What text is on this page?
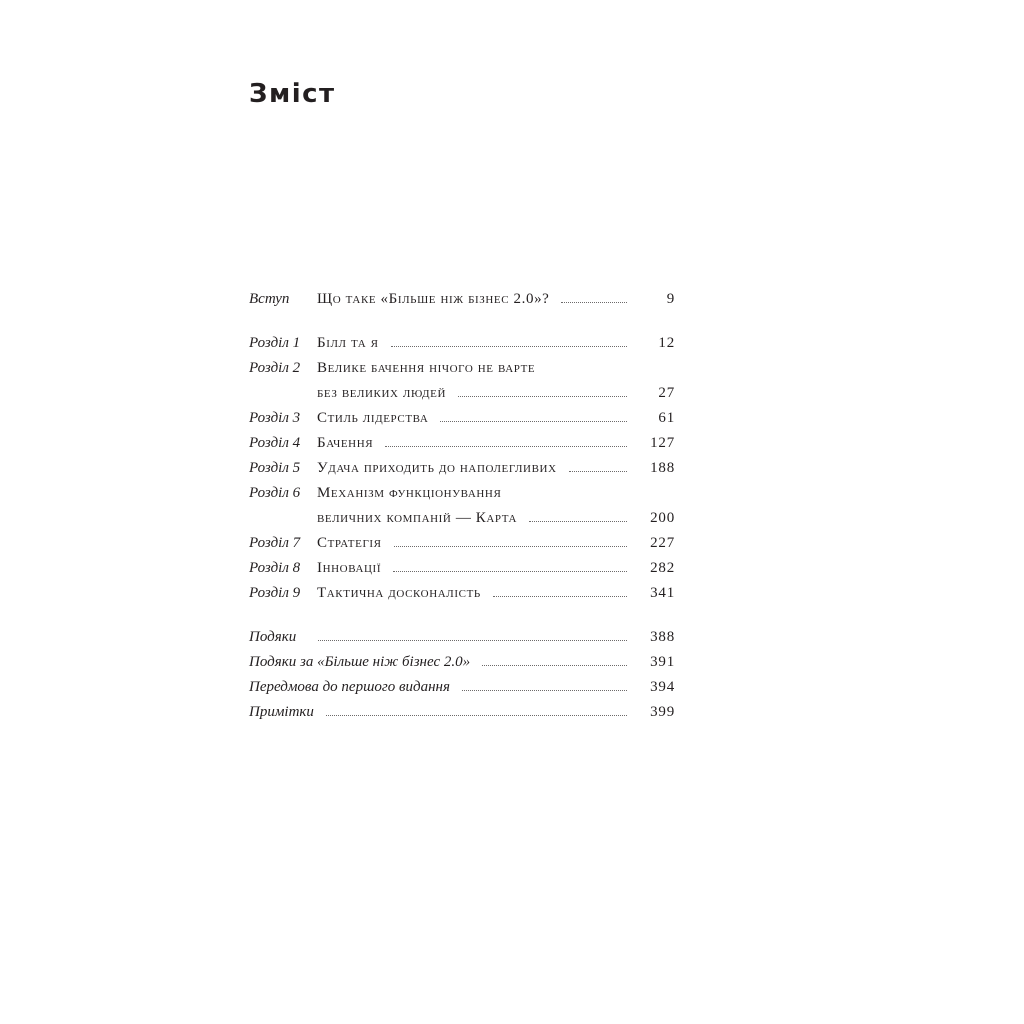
Зміст
Вступ Що таке «Більше ніж бізнес 2.0»?	9
Розділ 1 Білл та я	12
Розділ 2 Велике бачення нічого не варте
без великих людей	27
Розділ 3 Стиль лідерства	61
Розділ 4 Бачення	127
Розділ 5 Удача приходить до наполегливих	188
Розділ 6 Механізм функціонування
величних компаній — Карта	200
Розділ 7 Стратегія	227
Розділ 8 Інновації	282
Розділ 9 Тактична досконалість	341
Подяки	388
Подяки за «Більше ніж бізнес 2.0»	391
Передмова до першого видання	394
Примітки	399
